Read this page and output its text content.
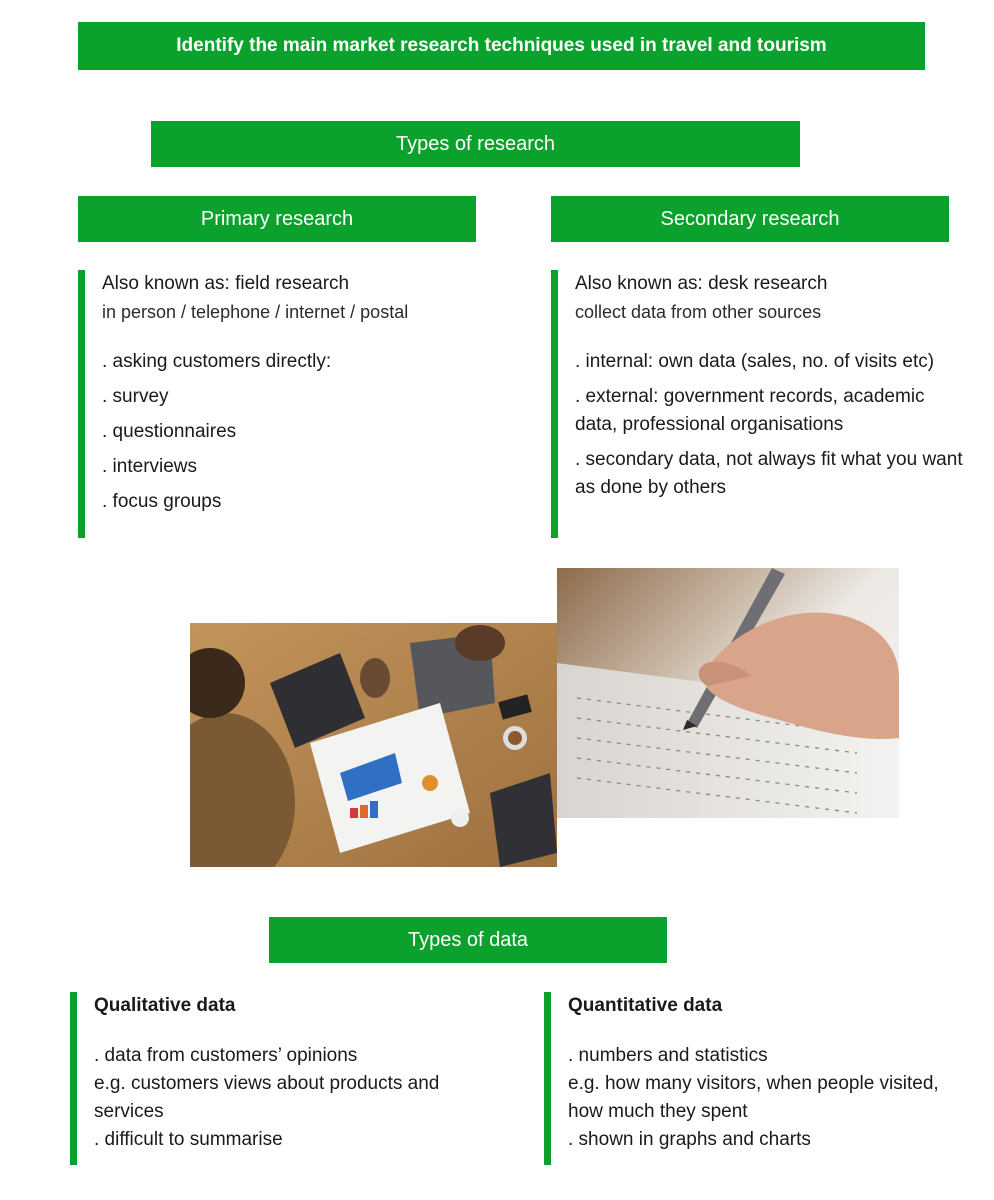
Identify the main market research techniques used in travel and tourism
Types of research
Primary research	Secondary research

Also known as: field research

in person / telephone / internet / postal

. asking customers directly:

. survey

. questionnaires

. interviews

. focus groups

Also known as: desk research

collect data from other sources

. internal: own data (sales, no. of visits etc)

. external: government records, academic data, professional organisations

. secondary data, not always fit what you want as done by others

Types of data

Qualitative data

. data from customers’ opinions

e.g. customers views about products and services

. difficult to summarise

Quantitative data

. numbers and statistics

e.g. how many visitors, when people visited, how much they spent

. shown in graphs and charts
